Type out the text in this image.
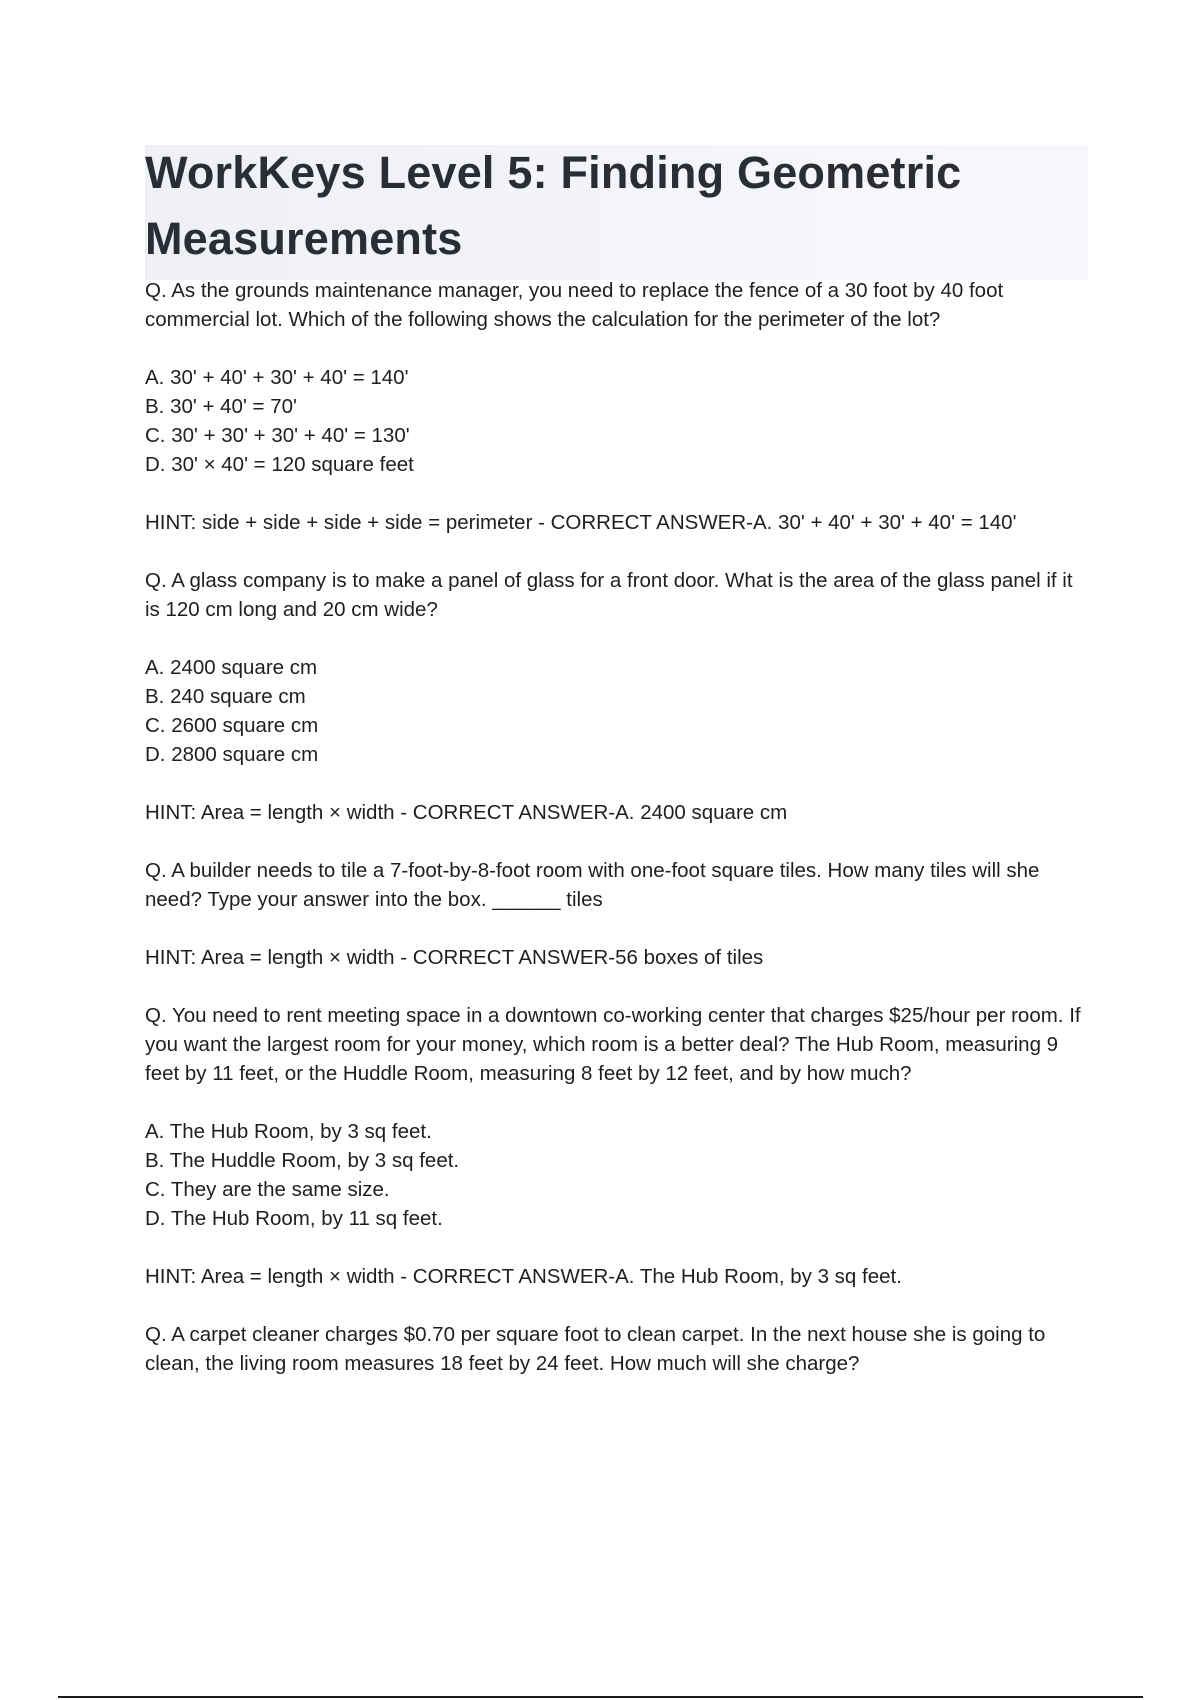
WorkKeys Level 5: Finding Geometric Measurements

Q. As the grounds maintenance manager, you need to replace the fence of a 30 foot by 40 foot commercial lot. Which of the following shows the calculation for the perimeter of the lot?

A. 30' + 40' + 30' + 40' = 140'
B. 30' + 40' = 70'
C. 30' + 30' + 30' + 40' = 130'
D. 30' × 40' = 120 square feet

HINT: side + side + side + side = perimeter - CORRECT ANSWER-A. 30' + 40' + 30' + 40' = 140'

Q. A glass company is to make a panel of glass for a front door. What is the area of the glass panel if it is 120 cm long and 20 cm wide?

A. 2400 square cm
B. 240 square cm
C. 2600 square cm
D. 2800 square cm

HINT: Area = length × width - CORRECT ANSWER-A. 2400 square cm

Q. A builder needs to tile a 7-foot-by-8-foot room with one-foot square tiles. How many tiles will she need? Type your answer into the box. ______ tiles

HINT: Area = length × width - CORRECT ANSWER-56 boxes of tiles

Q. You need to rent meeting space in a downtown co-working center that charges $25/hour per room. If you want the largest room for your money, which room is a better deal? The Hub Room, measuring 9 feet by 11 feet, or the Huddle Room, measuring 8 feet by 12 feet, and by how much?

A. The Hub Room, by 3 sq feet.
B. The Huddle Room, by 3 sq feet.
C. They are the same size.
D. The Hub Room, by 11 sq feet.

HINT: Area = length × width - CORRECT ANSWER-A. The Hub Room, by 3 sq feet.

Q. A carpet cleaner charges $0.70 per square foot to clean carpet. In the next house she is going to clean, the living room measures 18 feet by 24 feet. How much will she charge?
